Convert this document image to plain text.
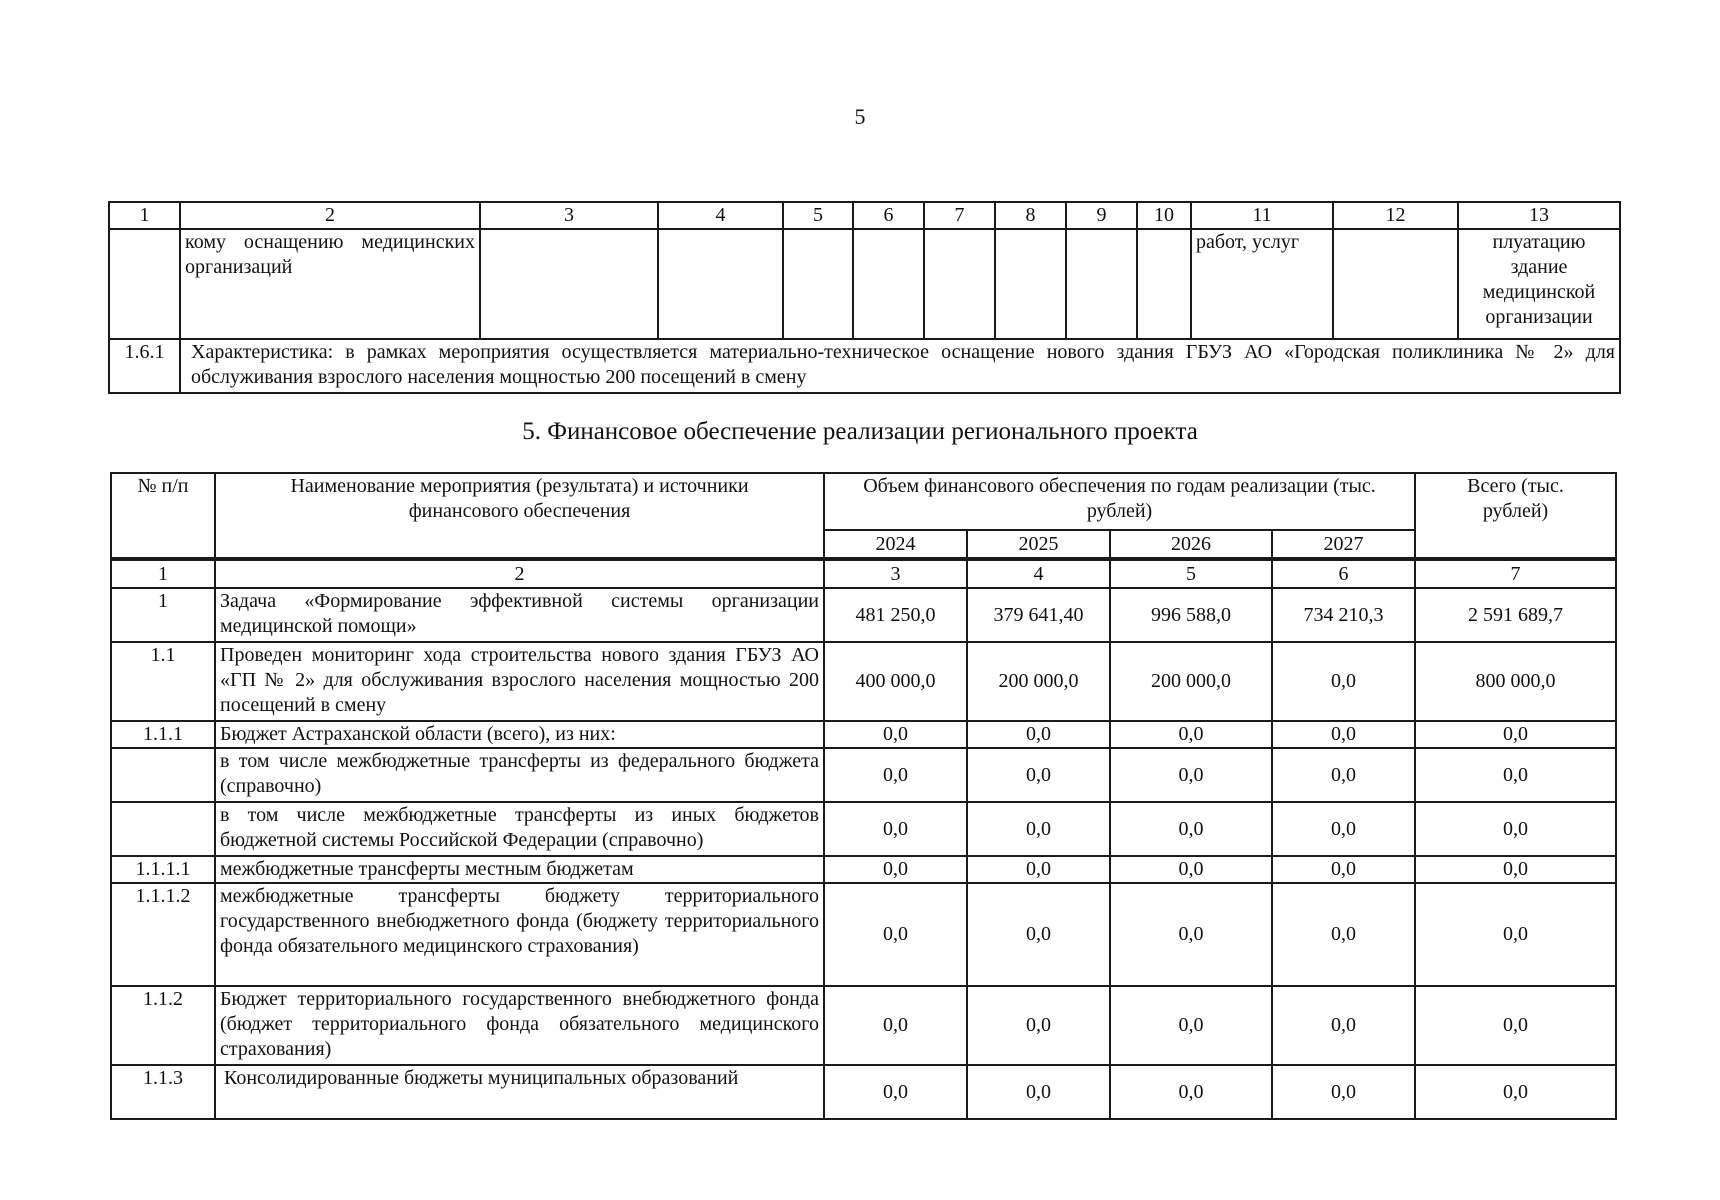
5
1	2	3	4	5	6	7	8	9	10	11	12	13
	кому оснащению медицинских организаций									работ, услуг		плуатацию здание медицинской организации
1.6.1	Характеристика: в рамках мероприятия осуществляется материально-техническое оснащение нового здания ГБУЗ АО «Городская поликлиника № 2» для обслуживания взрослого населения мощностью 200 посещений в смену											
5. Финансовое обеспечение реализации регионального проекта
№ п/п	Наименование мероприятия (результата) и источники финансового обеспечения	Объем финансового обеспечения по годам реализации (тыс. рублей)				Всего (тыс. рублей)
		2024	2025	2026	2027	
1	2	3	4	5	6	7
1	Задача «Формирование эффективной системы организации медицинской помощи»	481 250,0	379 641,40	996 588,0	734 210,3	2 591 689,7
1.1	Проведен мониторинг хода строительства нового здания ГБУЗ АО «ГП № 2» для обслуживания взрослого населения мощностью 200 посещений в смену	400 000,0	200 000,0	200 000,0	0,0	800 000,0
1.1.1	Бюджет Астраханской области (всего), из них:	0,0	0,0	0,0	0,0	0,0
	в том числе межбюджетные трансферты из федерального бюджета (справочно)	0,0	0,0	0,0	0,0	0,0
	в том числе межбюджетные трансферты из иных бюджетов бюджетной системы Российской Федерации (справочно)	0,0	0,0	0,0	0,0	0,0
1.1.1.1	межбюджетные трансферты местным бюджетам	0,0	0,0	0,0	0,0	0,0
1.1.1.2	межбюджетные трансферты бюджету территориального государственного внебюджетного фонда (бюджету территориального фонда обязательного медицинского страхования)	0,0	0,0	0,0	0,0	0,0
1.1.2	Бюджет территориального государственного внебюджетного фонда (бюджет территориального фонда обязательного медицинского страхования)	0,0	0,0	0,0	0,0	0,0
1.1.3	Консолидированные бюджеты муниципальных образований	0,0	0,0	0,0	0,0	0,0
